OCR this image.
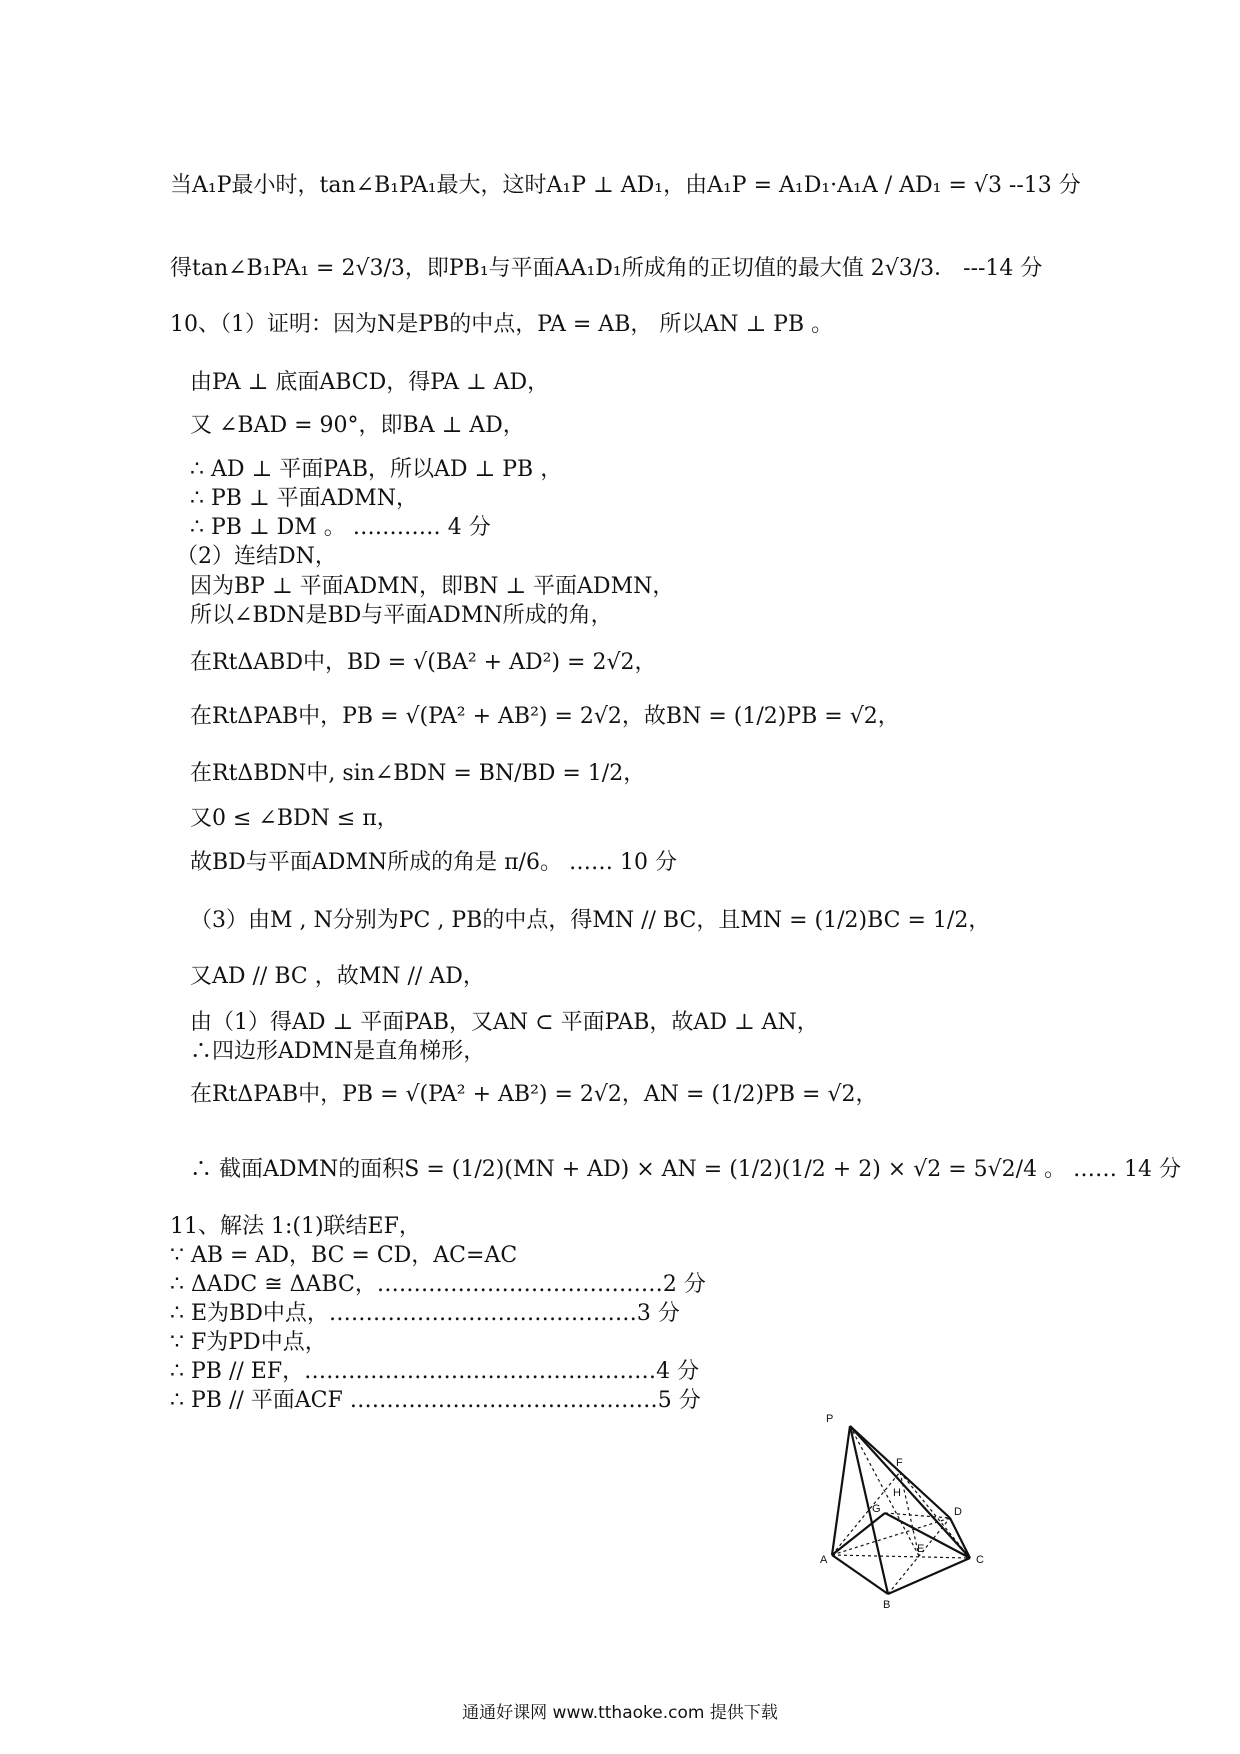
当A₁P最小时，tan∠B₁PA₁最大，这时A₁P ⊥ AD₁，由A₁P = A₁D₁·A₁A / AD₁ = √3 --13 分
得tan∠B₁PA₁ = 2√3/3，即PB₁与平面AA₁D₁所成角的正切值的最大值 2√3/3． ---14 分
10、（1）证明：因为N是PB的中点，PA = AB， 所以AN ⊥ PB 。
由PA ⊥ 底面ABCD，得PA ⊥ AD，
又 ∠BAD = 90°，即BA ⊥ AD，
∴ AD ⊥ 平面PAB，所以AD ⊥ PB ，
∴ PB ⊥ 平面ADMN，
∴ PB ⊥ DM 。 ………… 4 分
（2）连结DN，
因为BP ⊥ 平面ADMN，即BN ⊥ 平面ADMN，
所以∠BDN是BD与平面ADMN所成的角，
在RtΔABD中，BD = √(BA² + AD²) = 2√2，
在RtΔPAB中，PB = √(PA² + AB²) = 2√2，故BN = (1/2)PB = √2，
在RtΔBDN中, sin∠BDN = BN/BD = 1/2，
又0 ≤ ∠BDN ≤ π，
故BD与平面ADMN所成的角是 π/6。 …… 10 分
（3）由M , N分别为PC , PB的中点，得MN // BC，且MN = (1/2)BC = 1/2，
又AD // BC ，故MN // AD，
由（1）得AD ⊥ 平面PAB，又AN ⊂ 平面PAB，故AD ⊥ AN，
∴四边形ADMN是直角梯形，
在RtΔPAB中，PB = √(PA² + AB²) = 2√2，AN = (1/2)PB = √2，
∴ 截面ADMN的面积S = (1/2)(MN + AD) × AN = (1/2)(1/2 + 2) × √2 = 5√2/4 。 …… 14 分
11、解法 1:(1)联结EF，
∵ AB = AD，BC = CD，AC=AC
∴ ΔADC ≅ ΔABC，…………………………………2 分
∴ E为BD中点，……………………………………3 分
∵ F为PD中点，
∴ PB // EF，…………………………………………4 分
∴ PB // 平面ACF ……………………………………5 分
P
F
H
G	D
A
E
C
B
通通好课网 www.tthaoke.com 提供下载
